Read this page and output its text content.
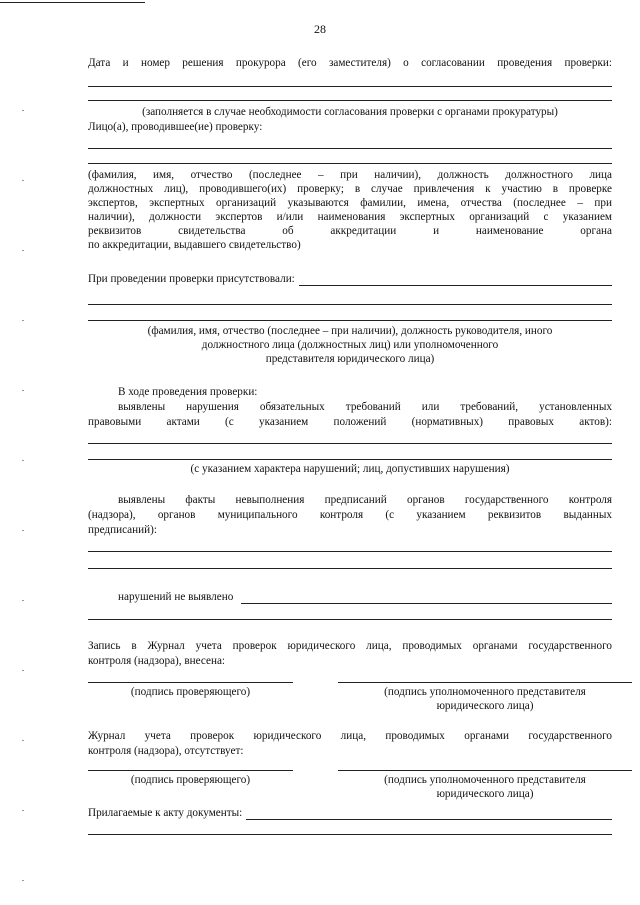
28
Дата и номер решения прокурора (его заместителя) о согласовании проведения проверки:
(заполняется в случае необходимости согласования проверки с органами прокуратуры)
Лицо(а), проводившее(ие) проверку:
(фамилия, имя, отчество (последнее – при наличии), должность должностного лица
должностных лиц), проводившего(их) проверку; в случае привлечения к участию в проверке
экспертов, экспертных организаций указываются фамилии, имена, отчества (последнее – при
наличии), должности экспертов и/или наименования экспертных организаций с указанием
реквизитов свидетельства об аккредитации и наименование органа
по аккредитации, выдавшего свидетельство)
При проведении проверки присутствовали:
(фамилия, имя, отчество (последнее – при наличии), должность руководителя, иного
должностного лица (должностных лиц) или уполномоченного
представителя юридического лица)
В ходе проведения проверки:
выявлены нарушения обязательных требований или требований, установленных
правовыми актами (с указанием положений (нормативных) правовых актов):
(с указанием характера нарушений; лиц, допустивших нарушения)
выявлены факты невыполнения предписаний органов государственного контроля
(надзора), органов муниципального контроля (с указанием реквизитов выданных
предписаний):
нарушений не выявлено
Запись в Журнал учета проверок юридического лица, проводимых органами государственного
контроля (надзора), внесена:
(подпись проверяющего)	(подпись уполномоченного представителя
юридического лица)
Журнал учета проверок юридического лица, проводимых органами государственного
контроля (надзора), отсутствует:
(подпись проверяющего)	(подпись уполномоченного представителя
юридического лица)
Прилагаемые к акту документы:
